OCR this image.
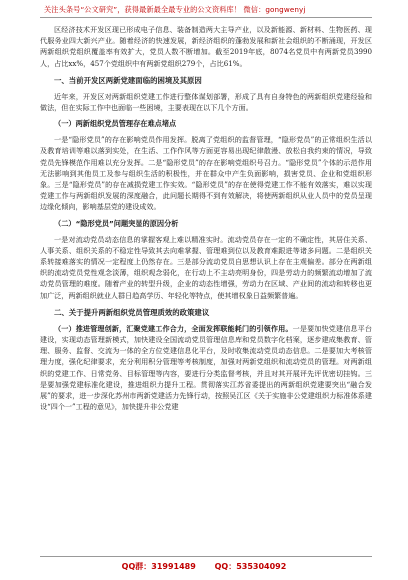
关注头条号“公文研究”，获得最新最全最专业的公文资料库！ 微信：gongwenyj

区经济技术开发区现已形成电子信息、装备制造两大主导产业，以及新能源、新材料、生物医药、现代服务业四大新兴产业。随着经济的快速发展，新经济组织的蓬勃发展和新社会组织的不断涌现，开发区两新组织党组织覆盖率有效扩大，党员人数不断增加。截至2019年底，8074名党员中有两新党员3990人，占比xx%，457个党组织中有两新党组织279个，占比61%。

一、当前开发区两新党建面临的困境及其原因

近年来，开发区对两新组织党建工作进行整体谋划部署，形成了具有自身特色的两新组织党建经验和做法，但在实际工作中也面临一些困境，主要表现在以下几个方面。

（一）两新组织党员管理存在难点堵点

一是“隐形党员”的存在影响党员作用发挥。脱离了党组织的监督管理，“隐形党员”的正常组织生活以及教育培训等难以落到实处，在生活、工作作风等方面更容易出现纪律散漫、放松自我约束的情况，导致党员先锋模范作用难以充分发挥。二是“隐形党员”的存在影响党组织号召力。“隐形党员”个体的示范作用无法影响到其他员工及参与组织生活的积极性，并在群众中产生负面影响，损害党员、企业和党组织形象。三是“隐形党员”的存在减损党建工作实效。“隐形党员”的存在使得党建工作不能有效落实，难以实现党建工作与两新组织发展的深度融合，此问题长期得不到有效解决，将使两新组织从业人员中的党员呈现边缘化倾向，影响基层党的建设成效。

（二）“隐形党员”问题突显的原因分析

一是对流动党员动态信息的掌握客观上难以精准实时。流动党员存在一定的不确定性，其居住关系、人事关系、组织关系的不稳定性导致其去向难掌握、管理难到位以及教育难跟进等诸多问题。二是组织关系转接难落实的情况一定程度上仍然存在。三是部分流动党员自思想认识上存在主观偏差。部分在两新组织的流动党员党性观念淡薄，组织观念弱化，在行动上不主动亮明身份，四是劳动力的频繁流动增加了流动党员管理的难度。随着产业的转型升级，企业的动态性增强，劳动力在区域、产业间的流动和转移也更加广泛，两新组织就业人群日趋高学历、年轻化等特点，使其增权象日益频繁普遍。

二、关于提升两新组织党员管理质效的政策建议

（一）推进管理创新，汇聚党建工作合力，全面发挥联能耗门的引领作用。一是要加快党建信息平台建设，实现动态管理新模式，加快建设全国流动党员管理信息库和党员数字化档案，逐步建成集教育、管理、服务、监督、交流为一体的全方位党建信息化平台，及时收集流动党员动态信息。二是要加大考核管理力度，强化纪律要求，充分利用积分管理等考核制度，加强对两新党组织和流动党员的管理。对两新组织的党建工作、日常党务、目标管理等内容，要进行分类监督考核，并且对其开展评先评优密切挂钩。三是要加强党建标准化建设，推进组织力提升工程。贯彻落实江苏省委提出的两新组织党建要突出“融合发展”的要求，进一步深化苏州市两新党建活力先锋行动，按照吴江区《关于实施非公党建组织力标准体系建设“四个一”工程的意见》，加快提升非公党建

QQ群：31991489 QQ：535304092
